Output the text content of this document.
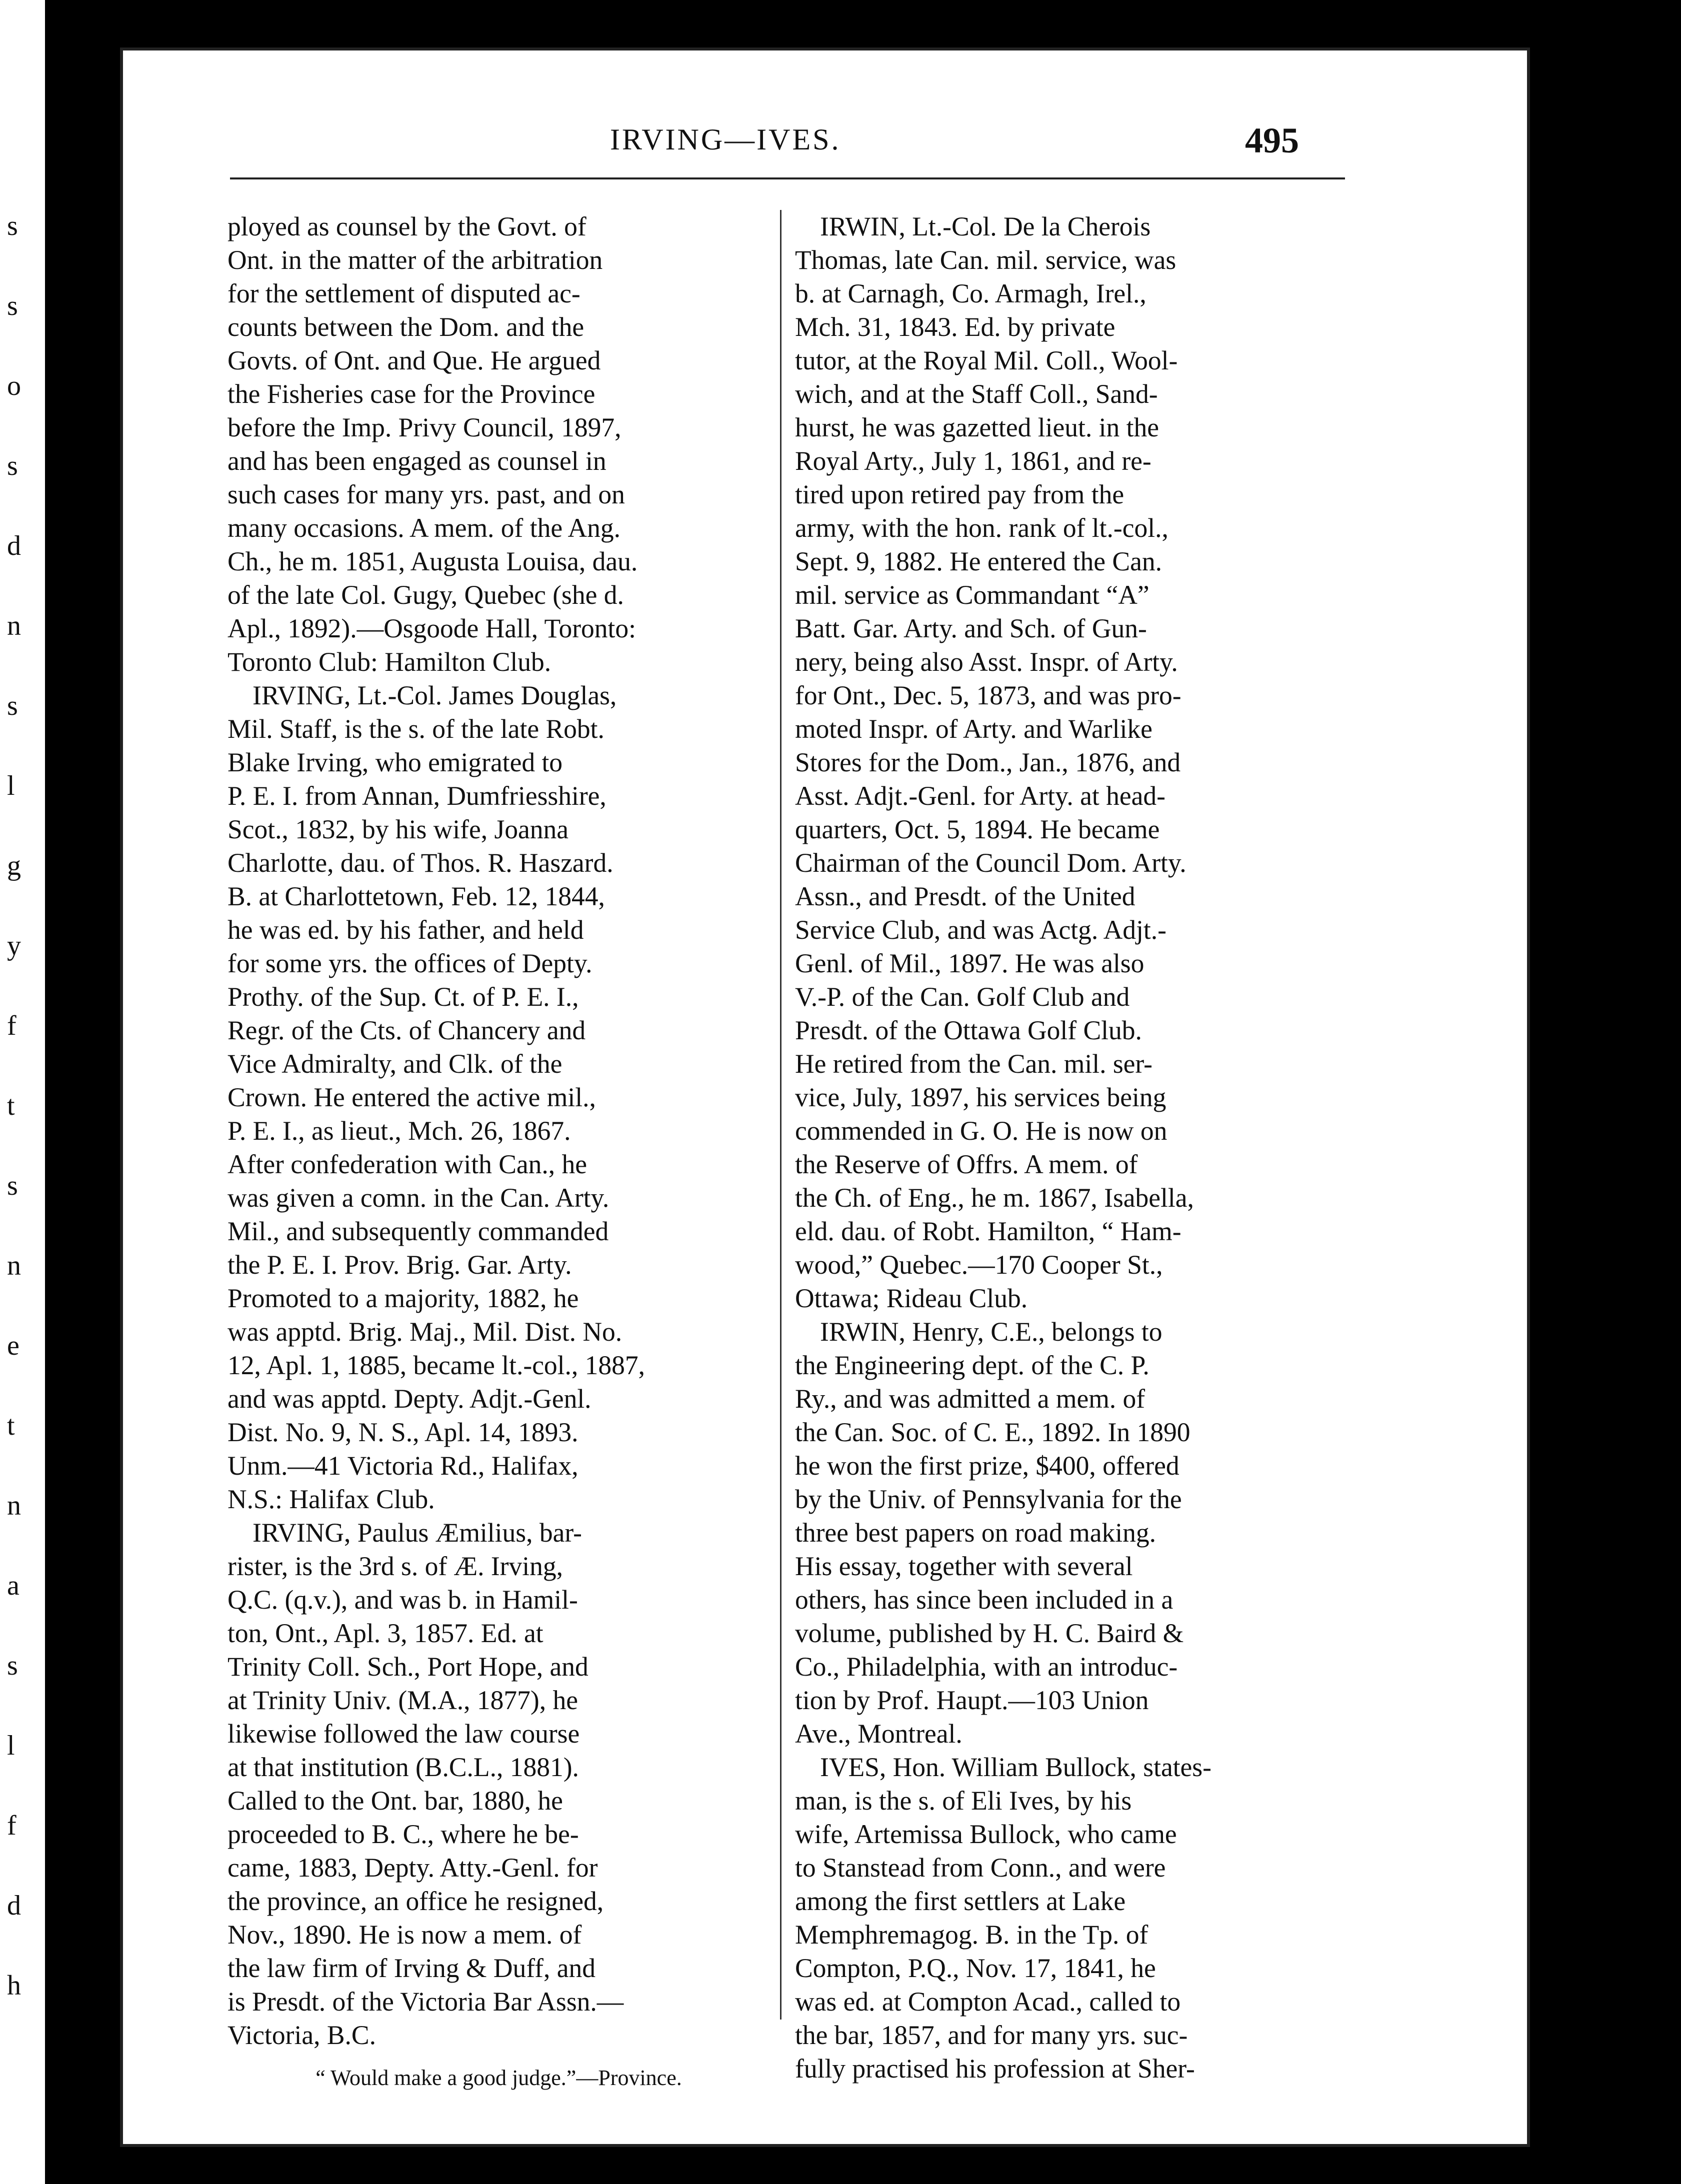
IRVING—IVES.	495
ployed as counsel by the Govt. of
Ont. in the matter of the arbitration
for the settlement of disputed ac-
counts between the Dom. and the
Govts. of Ont. and Que. He argued
the Fisheries case for the Province
before the Imp. Privy Council, 1897,
and has been engaged as counsel in
such cases for many yrs. past, and on
many occasions. A mem. of the Ang.
Ch., he m. 1851, Augusta Louisa, dau.
of the late Col. Gugy, Quebec (she d.
Apl., 1892).—Osgoode Hall, Toronto:
Toronto Club: Hamilton Club.
IRVING, Lt.-Col. James Douglas,
Mil. Staff, is the s. of the late Robt.
Blake Irving, who emigrated to
P. E. I. from Annan, Dumfriesshire,
Scot., 1832, by his wife, Joanna
Charlotte, dau. of Thos. R. Haszard.
B. at Charlottetown, Feb. 12, 1844,
he was ed. by his father, and held
for some yrs. the offices of Depty.
Prothy. of the Sup. Ct. of P. E. I.,
Regr. of the Cts. of Chancery and
Vice Admiralty, and Clk. of the
Crown. He entered the active mil.,
P. E. I., as lieut., Mch. 26, 1867.
After confederation with Can., he
was given a comn. in the Can. Arty.
Mil., and subsequently commanded
the P. E. I. Prov. Brig. Gar. Arty.
Promoted to a majority, 1882, he
was apptd. Brig. Maj., Mil. Dist. No.
12, Apl. 1, 1885, became lt.-col., 1887,
and was apptd. Depty. Adjt.-Genl.
Dist. No. 9, N. S., Apl. 14, 1893.
Unm.—41 Victoria Rd., Halifax,
N.S.: Halifax Club.
IRVING, Paulus Æmilius, bar-
rister, is the 3rd s. of Æ. Irving,
Q.C. (q.v.), and was b. in Hamil-
ton, Ont., Apl. 3, 1857. Ed. at
Trinity Coll. Sch., Port Hope, and
at Trinity Univ. (M.A., 1877), he
likewise followed the law course
at that institution (B.C.L., 1881).
Called to the Ont. bar, 1880, he
proceeded to B. C., where he be-
came, 1883, Depty. Atty.-Genl. for
the province, an office he resigned,
Nov., 1890. He is now a mem. of
the law firm of Irving & Duff, and
is Presdt. of the Victoria Bar Assn.—
Victoria, B.C.
“ Would make a good judge.”—Province.
IRWIN, Lt.-Col. De la Cherois
Thomas, late Can. mil. service, was
b. at Carnagh, Co. Armagh, Irel.,
Mch. 31, 1843. Ed. by private
tutor, at the Royal Mil. Coll., Wool-
wich, and at the Staff Coll., Sand-
hurst, he was gazetted lieut. in the
Royal Arty., July 1, 1861, and re-
tired upon retired pay from the
army, with the hon. rank of lt.-col.,
Sept. 9, 1882. He entered the Can.
mil. service as Commandant “A”
Batt. Gar. Arty. and Sch. of Gun-
nery, being also Asst. Inspr. of Arty.
for Ont., Dec. 5, 1873, and was pro-
moted Inspr. of Arty. and Warlike
Stores for the Dom., Jan., 1876, and
Asst. Adjt.-Genl. for Arty. at head-
quarters, Oct. 5, 1894. He became
Chairman of the Council Dom. Arty.
Assn., and Presdt. of the United
Service Club, and was Actg. Adjt.-
Genl. of Mil., 1897. He was also
V.-P. of the Can. Golf Club and
Presdt. of the Ottawa Golf Club.
He retired from the Can. mil. ser-
vice, July, 1897, his services being
commended in G. O. He is now on
the Reserve of Offrs. A mem. of
the Ch. of Eng., he m. 1867, Isabella,
eld. dau. of Robt. Hamilton, “ Ham-
wood,” Quebec.—170 Cooper St.,
Ottawa; Rideau Club.
IRWIN, Henry, C.E., belongs to
the Engineering dept. of the C. P.
Ry., and was admitted a mem. of
the Can. Soc. of C. E., 1892. In 1890
he won the first prize, $400, offered
by the Univ. of Pennsylvania for the
three best papers on road making.
His essay, together with several
others, has since been included in a
volume, published by H. C. Baird &
Co., Philadelphia, with an introduc-
tion by Prof. Haupt.—103 Union
Ave., Montreal.
IVES, Hon. William Bullock, states-
man, is the s. of Eli Ives, by his
wife, Artemissa Bullock, who came
to Stanstead from Conn., and were
among the first settlers at Lake
Memphremagog. B. in the Tp. of
Compton, P.Q., Nov. 17, 1841, he
was ed. at Compton Acad., called to
the bar, 1857, and for many yrs. suc-
fully practised his profession at Sher-
s
s
o
s
d
n
s
l
g
y
f
t
s
n
e
t
n
a
s
l
f
d
h
